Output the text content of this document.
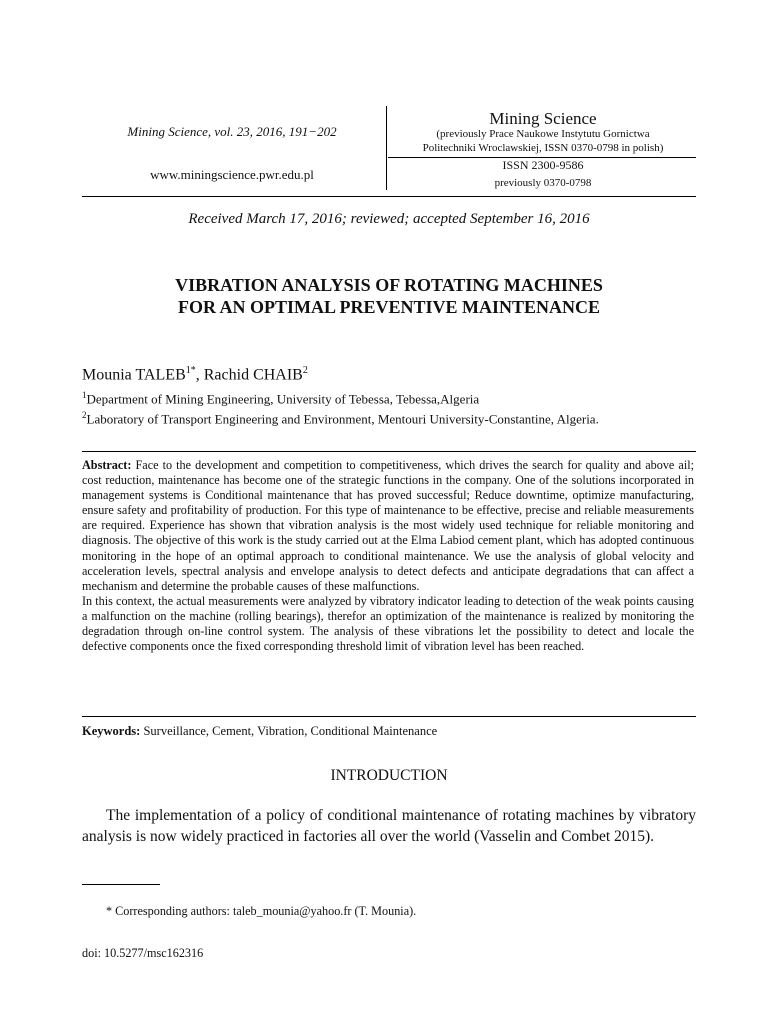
Mining Science, vol. 23, 2016, 191−202
www.miningscience.pwr.edu.pl
Mining Science
(previously Prace Naukowe Instytutu Gornictwa
Politechniki Wroclawskiej, ISSN 0370-0798 in polish)
ISSN 2300-9586
previously 0370-0798
Received March 17, 2016; reviewed; accepted September 16, 2016
VIBRATION ANALYSIS OF ROTATING MACHINES
FOR AN OPTIMAL PREVENTIVE MAINTENANCE
Mounia $TALEB^{1*}$, Rachid CHAIB$^2$
$^1$Department of Mining Engineering, University of Tebessa, Tebessa,Algeria
$^2$Laboratory of Transport Engineering and Environment, Mentouri University-Constantine, Algeria.

Abstract: Face to the development and competition to competitiveness, which drives the search for quality and above ail; cost reduction, maintenance has become one of the strategic functions in the company. One of the solutions incorporated in management systems is Conditional maintenance that has proved successful; Reduce downtime, optimize manufacturing, ensure safety and profitability of production. For this type of maintenance to be effective, precise and reliable measurements are required. Experience has shown that vibration analysis is the most widely used technique for reliable monitoring and diagnosis. The objective of this work is the study carried out at the Elma Labiod cement plant, which has adopted continuous monitoring in the hope of an optimal approach to conditional maintenance. We use the analysis of global velocity and acceleration levels, spectral analysis and envelope analysis to detect defects and anticipate degradations that can affect a mechanism and determine the probable causes of these malfunctions.

In this context, the actual measurements were analyzed by vibratory indicator leading to detection of the weak points causing a malfunction on the machine (rolling bearings), therefor an optimization of the maintenance is realized by monitoring the degradation through on-line control system. The analysis of these vibrations let the possibility to detect and locale the defective components once the fixed corresponding threshold limit of vibration level has been reached.

Keywords: Surveillance, Cement, Vibration, Conditional Maintenance
INTRODUCTION
The implementation of a policy of conditional maintenance of rotating machines by vibratory analysis is now widely practiced in factories all over the world (Vasselin and Combet 2015).
* Corresponding authors: taleb_mounia@yahoo.fr (T. Mounia).
doi: 10.5277/msc162316
